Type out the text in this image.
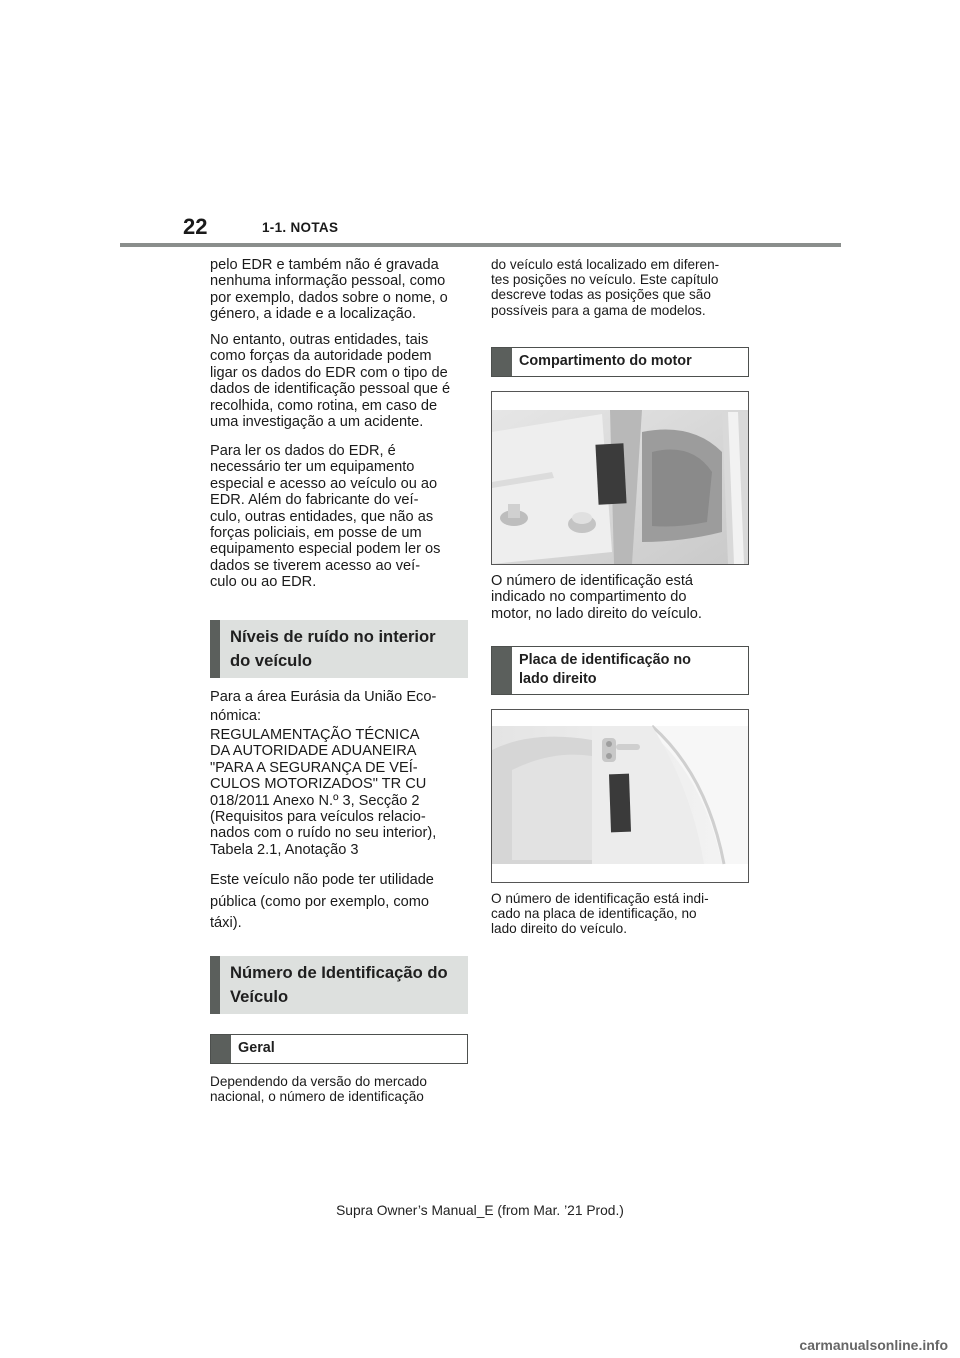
22	1-1. NOTAS

pelo EDR e também não é gravada
nenhuma informação pessoal, como
por exemplo, dados sobre o nome, o
género, a idade e a localização.

No entanto, outras entidades, tais
como forças da autoridade podem
ligar os dados do EDR com o tipo de
dados de identificação pessoal que é
recolhida, como rotina, em caso de
uma investigação a um acidente.

Para ler os dados do EDR, é
necessário ter um equipamento
especial e acesso ao veículo ou ao
EDR. Além do fabricante do veí-
culo, outras entidades, que não as
forças policiais, em posse de um
equipamento especial podem ler os
dados se tiverem acesso ao veí-
culo ou ao EDR.

Níveis de ruído no interior
do veículo

Para a área Eurásia da União Eco-
nómica:

REGULAMENTAÇÃO TÉCNICA
DA AUTORIDADE ADUANEIRA
"PARA A SEGURANÇA DE VEÍ-
CULOS MOTORIZADOS" TR CU
018/2011 Anexo N.º 3, Secção 2
(Requisitos para veículos relacio-
nados com o ruído no seu interior),
Tabela 2.1, Anotação 3

Este veículo não pode ter utilidade
pública (como por exemplo, como
táxi).

Número de Identificação do
Veículo
Geral

Dependendo da versão do mercado
nacional, o número de identificação

do veículo está localizado em diferen-
tes posições no veículo. Este capítulo
descreve todas as posições que são
possíveis para a gama de modelos.

Compartimento do motor

O número de identificação está
indicado no compartimento do
motor, no lado direito do veículo.

Placa de identificação no
lado direito

O número de identificação está indi-
cado na placa de identificação, no
lado direito do veículo.

Supra Owner’s Manual_E (from Mar. ’21 Prod.)
carmanualsonline.info
